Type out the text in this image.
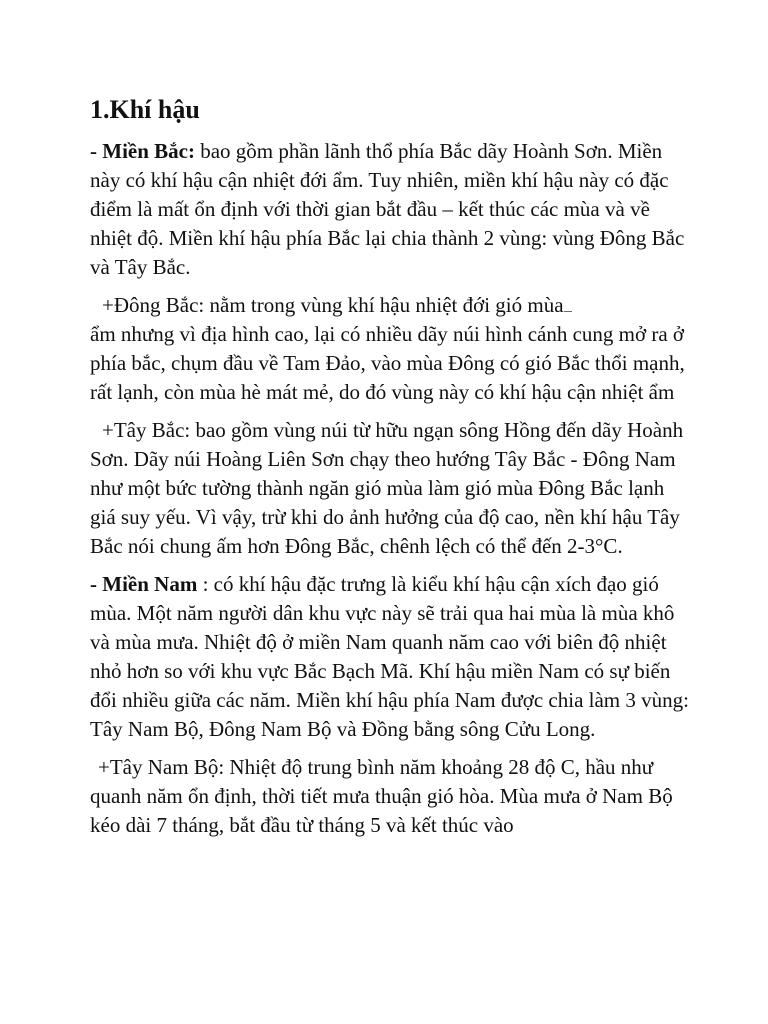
1.Khí hậu

- Miền Bắc: bao gồm phần lãnh thổ phía Bắc dãy Hoành Sơn. Miền này có khí hậu cận nhiệt đới ẩm. Tuy nhiên, miền khí hậu này có đặc điểm là mất ổn định với thời gian bắt đầu – kết thúc các mùa và về nhiệt độ. Miền khí hậu phía Bắc lại chia thành 2 vùng: vùng Đông Bắc và Tây Bắc.

+Đông Bắc: nằm trong vùng khí hậu nhiệt đới gió mùa
ẩm nhưng vì địa hình cao, lại có nhiều dãy núi hình cánh cung mở ra ở phía bắc, chụm đầu về Tam Đảo, vào mùa Đông có gió Bắc thổi mạnh, rất lạnh, còn mùa hè mát mẻ, do đó vùng này có khí hậu cận nhiệt ẩm

+Tây Bắc: bao gồm vùng núi từ hữu ngạn sông Hồng đến dãy Hoành Sơn. Dãy núi Hoàng Liên Sơn chạy theo hướng Tây Bắc - Đông Nam như một bức tường thành ngăn gió mùa làm gió mùa Đông Bắc lạnh giá suy yếu. Vì vậy, trừ khi do ảnh hưởng của độ cao, nền khí hậu Tây Bắc nói chung ấm hơn Đông Bắc, chênh lệch có thể đến 2-3°C.

- Miền Nam : có khí hậu đặc trưng là kiểu khí hậu cận xích đạo gió mùa. Một năm người dân khu vực này sẽ trải qua hai mùa là mùa khô và mùa mưa. Nhiệt độ ở miền Nam quanh năm cao với biên độ nhiệt nhỏ hơn so với khu vực Bắc Bạch Mã. Khí hậu miền Nam có sự biến đổi nhiều giữa các năm. Miền khí hậu phía Nam được chia làm 3 vùng: Tây Nam Bộ, Đông Nam Bộ và Đồng bằng sông Cửu Long.

+Tây Nam Bộ: Nhiệt độ trung bình năm khoảng 28 độ C, hầu như quanh năm ổn định, thời tiết mưa thuận gió hòa. Mùa mưa ở Nam Bộ kéo dài 7 tháng, bắt đầu từ tháng 5 và kết thúc vào
